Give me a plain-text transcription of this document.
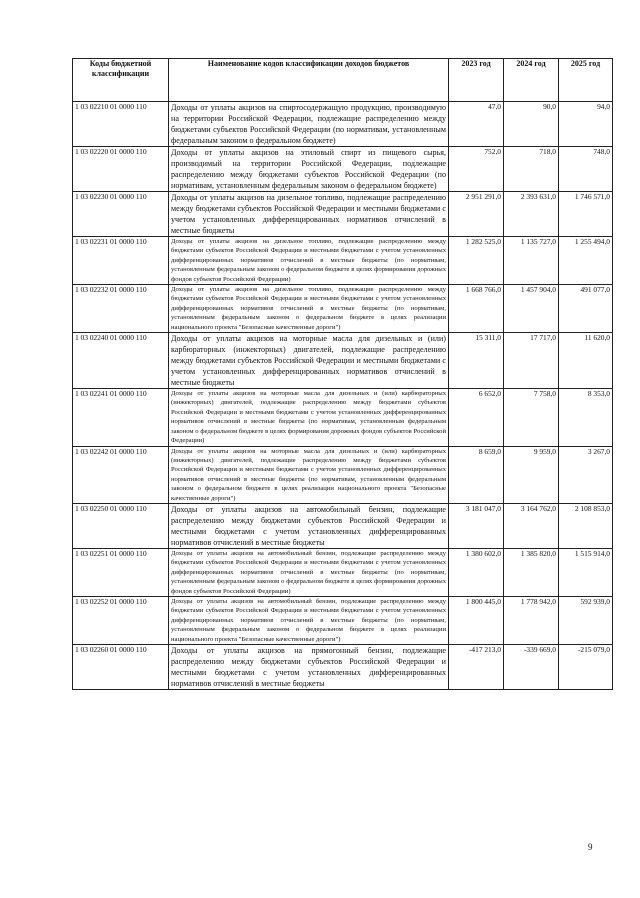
Коды бюджетной классификации	Наименование кодов классификации доходов бюджетов	2023 год	2024 год	2025 год
1 03 02210 01 0000 110	Доходы от уплаты акцизов на спиртосодержащую продукцию, производимую на территории Российской Федерации, подлежащие распределению между бюджетами субъектов Российской Федерации (по нормативам, установленным федеральным законом о федеральном бюджете)	47,0	90,0	94,0
1 03 02220 01 0000 110	Доходы от уплаты акцизов на этиловый спирт из пищевого сырья, производимый на территории Российской Федерации, подлежащие распределению между бюджетами субъектов Российской Федерации (по нормативам, установленным федеральным законом о федеральном бюджете)	752,0	718,0	748,0
1 03 02230 01 0000 110	Доходы от уплаты акцизов на дизельное топливо, подлежащие распределению между бюджетами субъектов Российской Федерации и местными бюджетами с учетом установленных дифференцированных нормативов отчислений в местные бюджеты	2 951 291,0	2 393 631,0	1 746 571,0
1 03 02231 01 0000 110	Доходы от уплаты акцизов на дизельное топливо, подлежащие распределению между бюджетами субъектов Российской Федерации и местными бюджетами с учетом установленных дифференцированных нормативов отчислений в местные бюджеты (по нормативам, установленным федеральным законом о федеральном бюджете в целях формирования дорожных фондов субъектов Российской Федерации)	1 282 525,0	1 135 727,0	1 255 494,0
1 03 02232 01 0000 110	Доходы от уплаты акцизов на дизельное топливо, подлежащие распределению между бюджетами субъектов Российской Федерации и местными бюджетами с учетом установленных дифференцированных нормативов отчислений в местные бюджеты (по нормативам, установленным федеральным законом о федеральном бюджете в целях реализации национального проекта "Безопасные качественные дороги")	1 668 766,0	1 457 904,0	491 077,0
1 03 02240 01 0000 110	Доходы от уплаты акцизов на моторные масла для дизельных и (или) карбюраторных (инжекторных) двигателей, подлежащие распределению между бюджетами субъектов Российской Федерации и местными бюджетами с учетом установленных дифференцированных нормативов отчислений в местные бюджеты	15 311,0	17 717,0	11 620,0
1 03 02241 01 0000 110	Доходы от уплаты акцизов на моторные масла для дизельных и (или) карбюраторных (инжекторных) двигателей, подлежащие распределению между бюджетами субъектов Российской Федерации и местными бюджетами с учетом установленных дифференцированных нормативов отчислений в местные бюджеты (по нормативам, установленным федеральным законом о федеральном бюджете в целях формирования дорожных фондов субъектов Российской Федерации)	6 652,0	7 758,0	8 353,0
1 03 02242 01 0000 110	Доходы от уплаты акцизов на моторные масла для дизельных и (или) карбюраторных (инжекторных) двигателей, подлежащие распределению между бюджетами субъектов Российской Федерации и местными бюджетами с учетом установленных дифференцированных нормативов отчислений в местные бюджеты (по нормативам, установленным федеральным законом о федеральном бюджете в целях реализации национального проекта "Безопасные качественные дороги")	8 659,0	9 959,0	3 267,0
1 03 02250 01 0000 110	Доходы от уплаты акцизов на автомобильный бензин, подлежащие распределению между бюджетами субъектов Российской Федерации и местными бюджетами с учетом установленных дифференцированных нормативов отчислений в местные бюджеты	3 181 047,0	3 164 762,0	2 108 853,0
1 03 02251 01 0000 110	Доходы от уплаты акцизов на автомобильный бензин, подлежащие распределению между бюджетами субъектов Российской Федерации и местными бюджетами с учетом установленных дифференцированных нормативов отчислений в местные бюджеты (по нормативам, установленным федеральным законом о федеральном бюджете в целях формирования дорожных фондов субъектов Российской Федерации)	1 380 602,0	1 385 820,0	1 515 914,0
1 03 02252 01 0000 110	Доходы от уплаты акцизов на автомобильный бензин, подлежащие распределению между бюджетами субъектов Российской Федерации и местными бюджетами с учетом установленных дифференцированных нормативов отчислений в местные бюджеты (по нормативам, установленным федеральным законом о федеральном бюджете в целях реализации национального проекта "Безопасные качественные дороги")	1 800 445,0	1 778 942,0	592 939,0
1 03 02260 01 0000 110	Доходы от уплаты акцизов на прямогонный бензин, подлежащие распределению между бюджетами субъектов Российской Федерации и местными бюджетами с учетом установленных дифференцированных нормативов отчислений в местные бюджеты	-417 213,0	-339 669,0	-215 079,0
9
